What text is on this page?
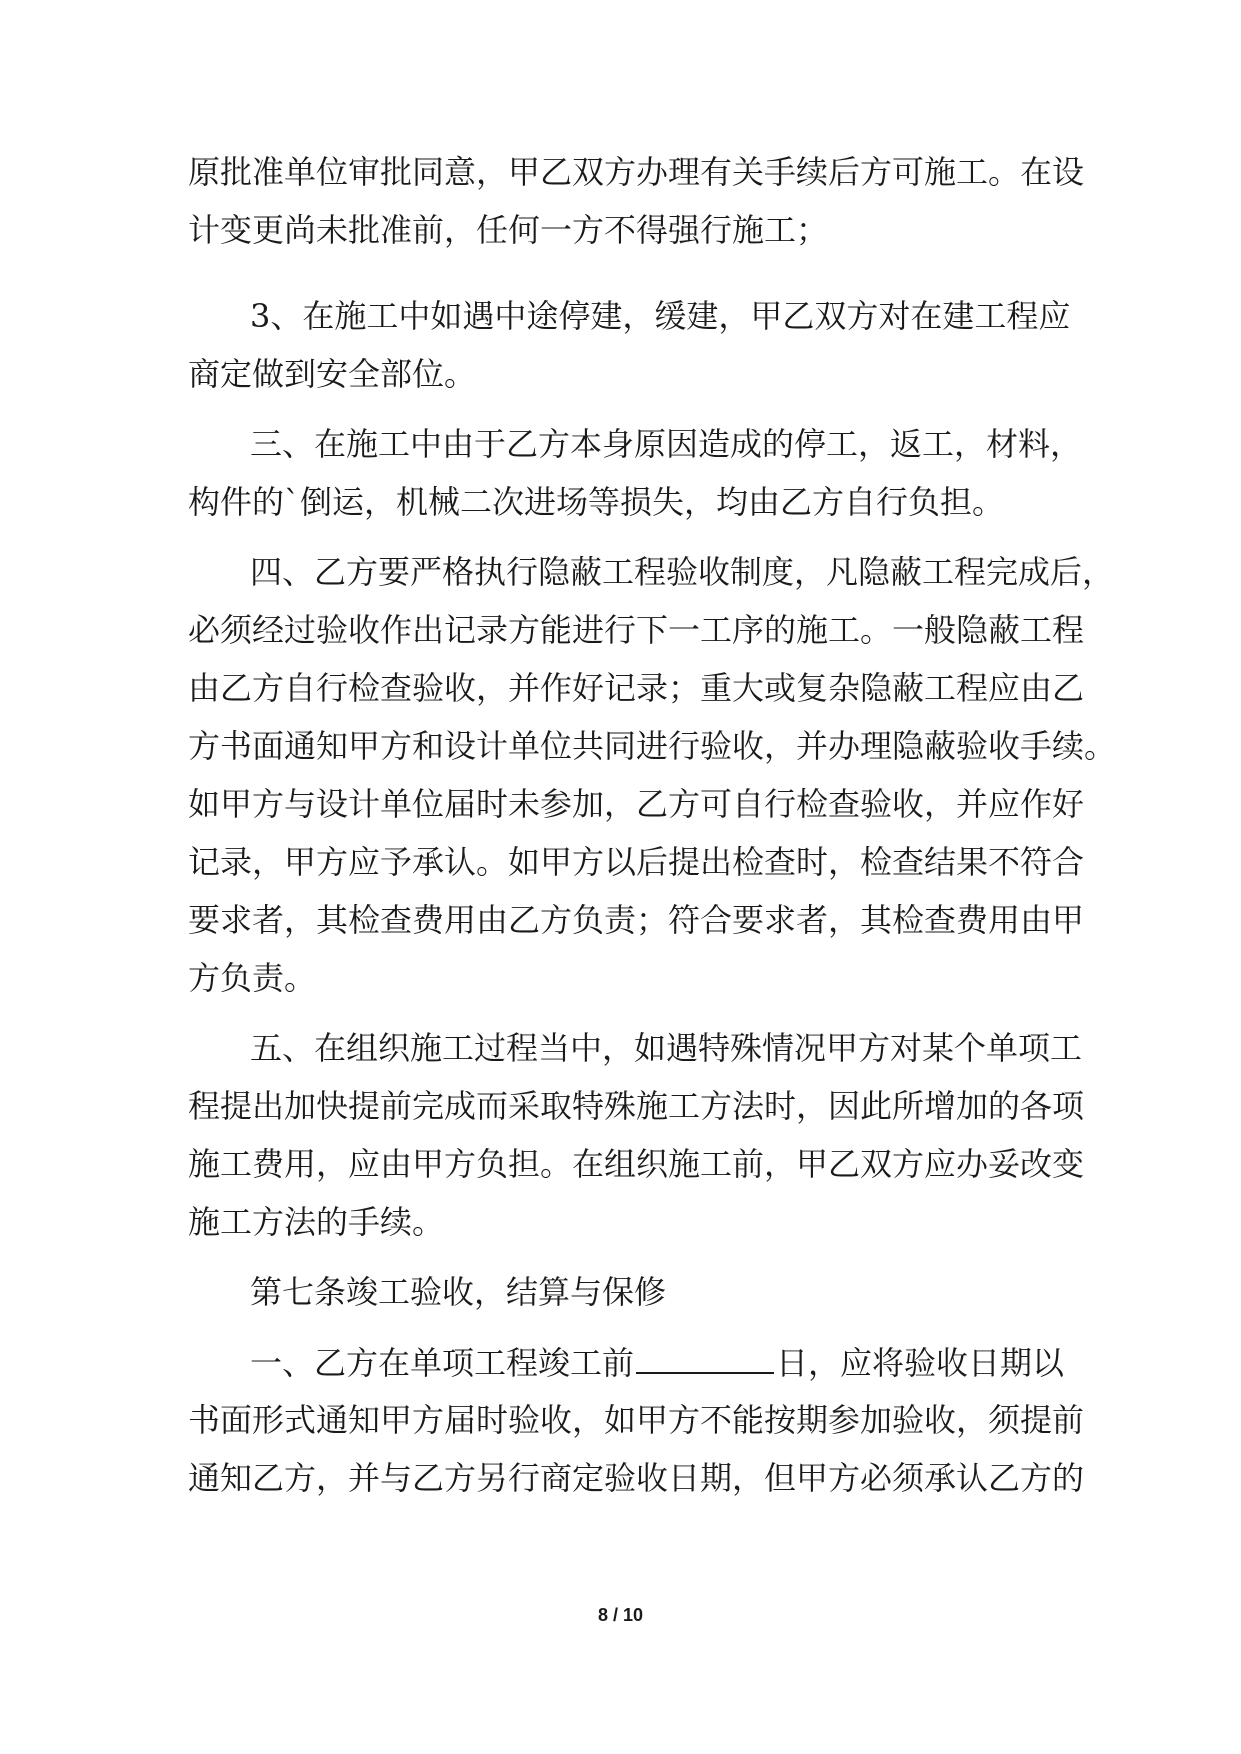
原批准单位审批同意，甲乙双方办理有关手续后方可施工。在设
计变更尚未批准前，任何一方不得强行施工；
3、在施工中如遇中途停建，缓建，甲乙双方对在建工程应
商定做到安全部位。
三、在施工中由于乙方本身原因造成的停工，返工，材料，
构件的`倒运，机械二次进场等损失，均由乙方自行负担。
四、乙方要严格执行隐蔽工程验收制度，凡隐蔽工程完成后，
必须经过验收作出记录方能进行下一工序的施工。一般隐蔽工程
由乙方自行检查验收，并作好记录；重大或复杂隐蔽工程应由乙
方书面通知甲方和设计单位共同进行验收，并办理隐蔽验收手续。
如甲方与设计单位届时未参加，乙方可自行检查验收，并应作好
记录，甲方应予承认。如甲方以后提出检查时，检查结果不符合
要求者，其检查费用由乙方负责；符合要求者，其检查费用由甲
方负责。
五、在组织施工过程当中，如遇特殊情况甲方对某个单项工
程提出加快提前完成而采取特殊施工方法时，因此所增加的各项
施工费用，应由甲方负担。在组织施工前，甲乙双方应办妥改变
施工方法的手续。
第七条竣工验收，结算与保修
一、乙方在单项工程竣工前	日，应将验收日期以
书面形式通知甲方届时验收，如甲方不能按期参加验收，须提前
通知乙方，并与乙方另行商定验收日期，但甲方必须承认乙方的
8 / 10
